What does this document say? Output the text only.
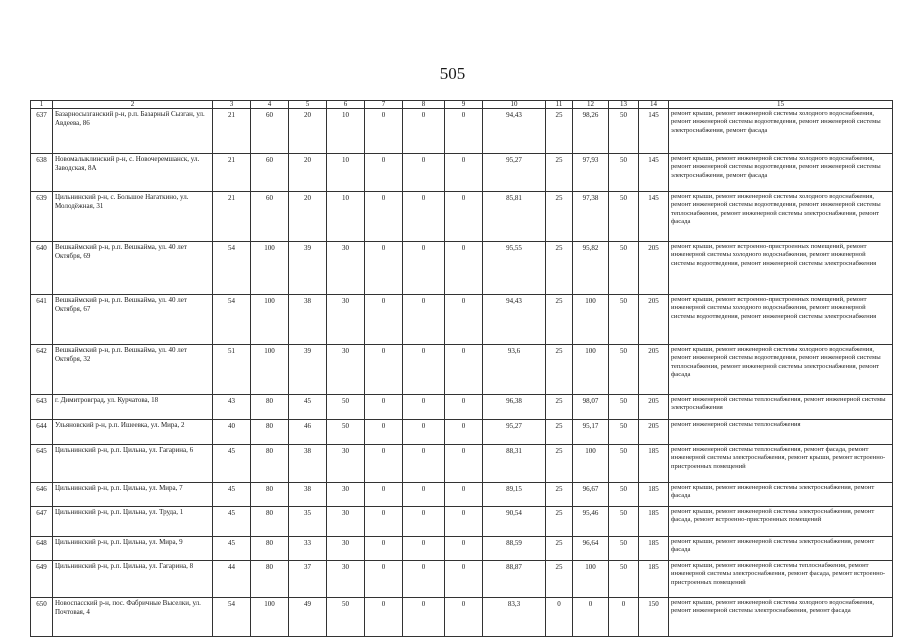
505
1	2	3	4	5	6	7	8	9	10	11	12	13	14	15
637	Базарносызганский р-н, р.п. Базарный Сызган, ул. Авдеева, 86	21	60	20	10	0	0	0	94,43	25	98,26	50	145	ремонт крыши, ремонт инженерной системы холодного водоснабжения, ремонт инженерной системы водоотведения, ремонт инженерной системы электроснабжения, ремонт фасада
638	Новомалыклинский р-н, с. Новочеремшанск, ул. Заводская, 8А	21	60	20	10	0	0	0	95,27	25	97,93	50	145	ремонт крыши, ремонт инженерной системы холодного водоснабжения, ремонт инженерной системы водоотведения, ремонт инженерной системы электроснабжения, ремонт фасада
639	Цильнинский р-н, с. Большое Нагаткино, ул. Молодёжная, 31	21	60	20	10	0	0	0	85,81	25	97,38	50	145	ремонт крыши, ремонт инженерной системы холодного водоснабжения, ремонт инженерной системы водоотведения, ремонт инженерной системы теплоснабжения, ремонт инженерной системы электроснабжения, ремонт фасада
640	Вешкаймский р-н, р.п. Вешкайма, ул. 40 лет Октября, 69	54	100	39	30	0	0	0	95,55	25	95,82	50	205	ремонт крыши, ремонт встроенно-пристроенных помещений, ремонт инженерной системы холодного водоснабжения, ремонт инженерной системы водоотведения, ремонт инженерной системы электроснабжения
641	Вешкаймский р-н, р.п. Вешкайма, ул. 40 лет Октября, 67	54	100	38	30	0	0	0	94,43	25	100	50	205	ремонт крыши, ремонт встроенно-пристроенных помещений, ремонт инженерной системы холодного водоснабжения, ремонт инженерной системы водоотведения, ремонт инженерной системы электроснабжения
642	Вешкаймский р-н, р.п. Вешкайма, ул. 40 лет Октября, 32	51	100	39	30	0	0	0	93,6	25	100	50	205	ремонт крыши, ремонт инженерной системы холодного водоснабжения, ремонт инженерной системы водоотведения, ремонт инженерной системы теплоснабжения, ремонт инженерной системы электроснабжения, ремонт фасада
643	г. Димитровград, ул. Курчатова, 18	43	80	45	50	0	0	0	96,38	25	98,07	50	205	ремонт инженерной системы теплоснабжения, ремонт инженерной системы электроснабжения
644	Ульяновский р-н, р.п. Ишеевка, ул. Мира, 2	40	80	46	50	0	0	0	95,27	25	95,17	50	205	ремонт инженерной системы теплоснабжения
645	Цильнинский р-н, р.п. Цильна, ул. Гагарина, 6	45	80	38	30	0	0	0	88,31	25	100	50	185	ремонт инженерной системы теплоснабжения, ремонт фасада, ремонт инженерной системы электроснабжения, ремонт крыши, ремонт встроенно-пристроенных помещений
646	Цильнинский р-н, р.п. Цильна, ул. Мира, 7	45	80	38	30	0	0	0	89,15	25	96,67	50	185	ремонт крыши, ремонт инженерной системы электроснабжения, ремонт фасада
647	Цильнинский р-н, р.п. Цильна, ул. Труда, 1	45	80	35	30	0	0	0	90,54	25	95,46	50	185	ремонт крыши, ремонт инженерной системы электроснабжения, ремонт фасада, ремонт встроенно-пристроенных помещений
648	Цильнинский р-н, р.п. Цильна, ул. Мира, 9	45	80	33	30	0	0	0	88,59	25	96,64	50	185	ремонт крыши, ремонт инженерной системы электроснабжения, ремонт фасада
649	Цильнинский р-н, р.п. Цильна, ул. Гагарина, 8	44	80	37	30	0	0	0	88,87	25	100	50	185	ремонт крыши, ремонт инженерной системы теплоснабжения, ремонт инженерной системы электроснабжения, ремонт фасада, ремонт встроенно-пристроенных помещений
650	Новоспасский р-н, пос. Фабричные Выселки, ул. Почтовая, 4	54	100	49	50	0	0	0	83,3	0	0	0	150	ремонт крыши, ремонт инженерной системы холодного водоснабжения, ремонт инженерной системы электроснабжения, ремонт фасада
